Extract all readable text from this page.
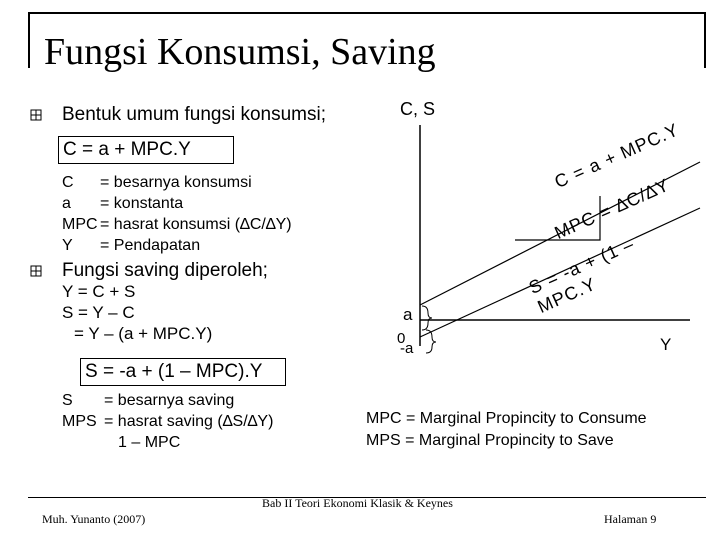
Fungsi Konsumsi, Saving
Bentuk umum fungsi konsumsi;
C = a + MPC.Y
C = besarnya konsumsi
a = konstanta
MPC = hasrat konsumsi (∆C/∆Y)
Y = Pendapatan
Fungsi saving diperoleh;
Y = C + S
S = Y – C
= Y – (a + MPC.Y)
S = -a + (1 – MPC).Y
S = besarnya saving
MPS = hasrat saving (∆S/∆Y)
1 – MPC
C, S
Y
a
0
-a
C = a + MPC.Y
MPC = ∆C/∆Y
S = -a + (1 – MPC.Y
MPC = Marginal Propincity to Consume
MPS = Marginal Propincity to Save
Muh. Yunanto (2007)
Bab II Teori Ekonomi Klasik & Keynes
Halaman 9
